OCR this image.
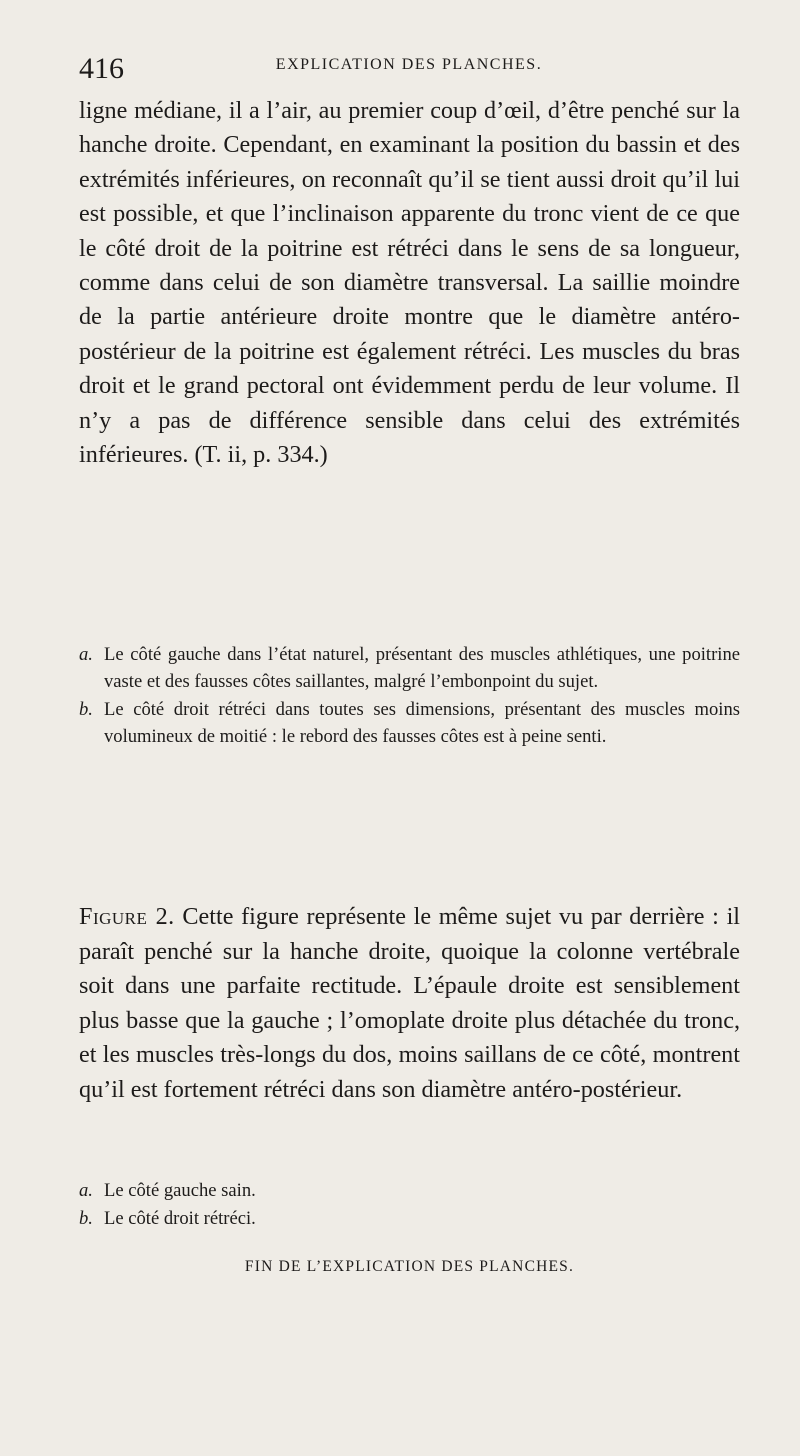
416	EXPLICATION DES PLANCHES.

ligne médiane, il a l’air, au premier coup d’œil, d’être penché sur la hanche droite. Cependant, en examinant la position du bassin et des extrémités inférieures, on reconnaît qu’il se tient aussi droit qu’il lui est possible, et que l’inclinaison apparente du tronc vient de ce que le côté droit de la poitrine est rétréci dans le sens de sa longueur, comme dans celui de son diamètre transversal. La saillie moindre de la partie antérieure droite montre que le diamètre antéro-postérieur de la poitrine est également rétréci. Les muscles du bras droit et le grand pectoral ont évidemment perdu de leur volume. Il n’y a pas de différence sensible dans celui des extrémités inférieures. (T. ii, p. 334.)

a. Le côté gauche dans l’état naturel, présentant des muscles athlétiques, une poitrine vaste et des fausses côtes saillantes, malgré l’embonpoint du sujet.

b. Le côté droit rétréci dans toutes ses dimensions, présentant des muscles moins volumineux de moitié : le rebord des fausses côtes est à peine senti.

Figure 2. Cette figure représente le même sujet vu par derrière : il paraît penché sur la hanche droite, quoique la colonne vertébrale soit dans une parfaite rectitude. L’épaule droite est sensiblement plus basse que la gauche ; l’omoplate droite plus détachée du tronc, et les muscles très-longs du dos, moins saillans de ce côté, montrent qu’il est fortement rétréci dans son diamètre antéro-postérieur.

a. Le côté gauche sain.

b. Le côté droit rétréci.

FIN DE L’EXPLICATION DES PLANCHES.
